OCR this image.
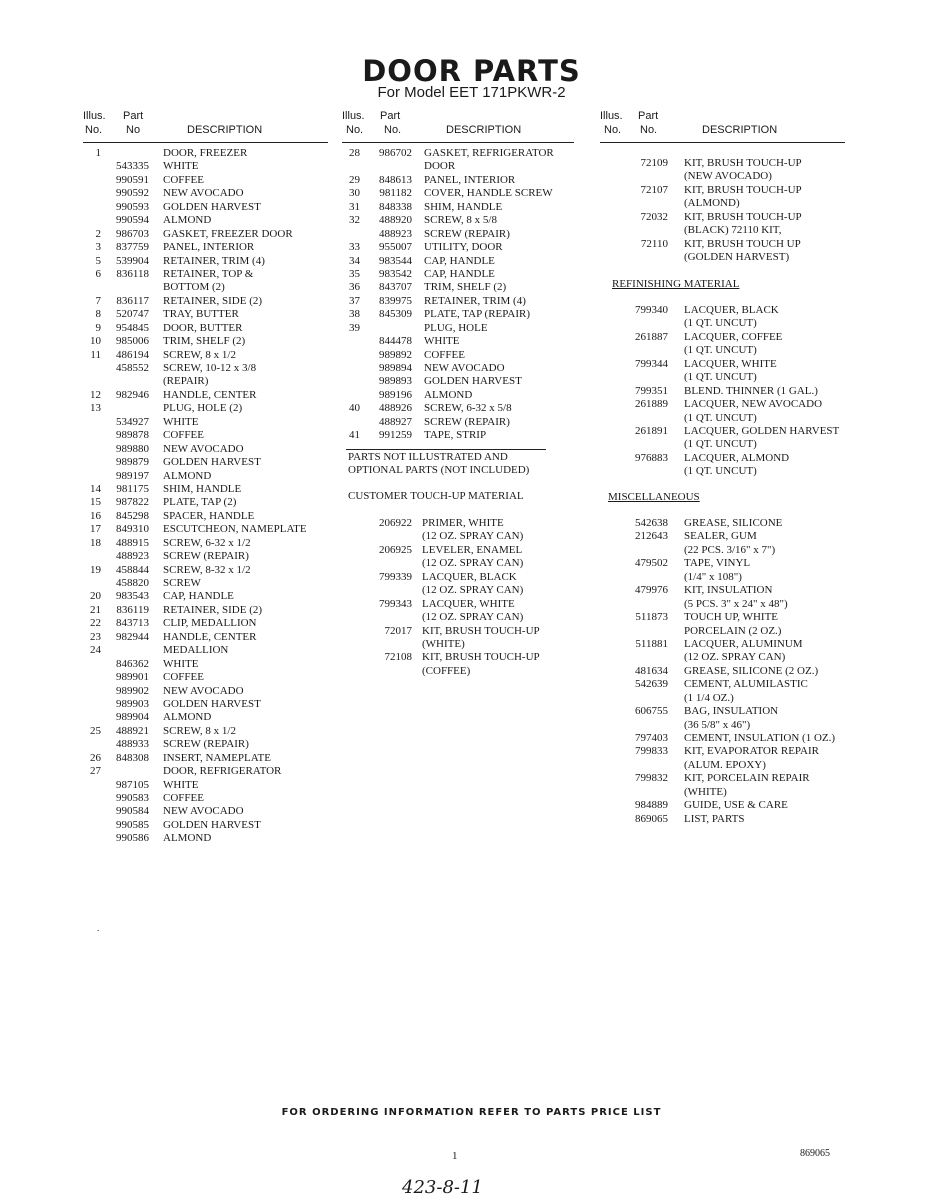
DOOR PARTS
For Model EET 171PKWR-2
Illus. Part
No. No	DESCRIPTION
1	DOOR, FREEZER
543335 WHITE
990591 COFFEE
990592 NEW AVOCADO
990593 GOLDEN HARVEST
990594 ALMOND
2	986703 GASKET, FREEZER DOOR
3	837759 PANEL, INTERIOR
5	539904 RETAINER, TRIM (4)
6	836118 RETAINER, TOP &
BOTTOM (2)
7	836117 RETAINER, SIDE (2)
8	520747 TRAY, BUTTER
9	954845 DOOR, BUTTER
10	985006 TRIM, SHELF (2)
11	486194 SCREW, 8 x 1/2
458552 SCREW, 10-12 x 3/8
(REPAIR)
12	982946 HANDLE, CENTER
13	PLUG, HOLE (2)
534927 WHITE
989878 COFFEE
989880 NEW AVOCADO
989879 GOLDEN HARVEST
989197 ALMOND
14	981175 SHIM, HANDLE
15	987822 PLATE, TAP (2)
16	845298 SPACER, HANDLE
17	849310 ESCUTCHEON, NAMEPLATE
18	488915 SCREW, 6-32 x 1/2
488923 SCREW (REPAIR)
19	458844 SCREW, 8-32 x 1/2
458820 SCREW
20	983543 CAP, HANDLE
21	836119 RETAINER, SIDE (2)
22	843713 CLIP, MEDALLION
23	982944 HANDLE, CENTER
24	MEDALLION
846362 WHITE
989901 COFFEE
989902 NEW AVOCADO
989903 GOLDEN HARVEST
989904 ALMOND
25	488921 SCREW, 8 x 1/2
488933 SCREW (REPAIR)
26	848308 INSERT, NAMEPLATE
27	DOOR, REFRIGERATOR
987105 WHITE
990583 COFFEE
990584 NEW AVOCADO
990585 GOLDEN HARVEST
990586 ALMOND
Illus. Part
No. No.	DESCRIPTION
28	986702 GASKET, REFRIGERATOR
DOOR
29	848613 PANEL, INTERIOR
30	981182 COVER, HANDLE SCREW
31	848338 SHIM, HANDLE
32	488920 SCREW, 8 x 5/8
488923 SCREW (REPAIR)
33	955007 UTILITY, DOOR
34	983544 CAP, HANDLE
35	983542 CAP, HANDLE
36	843707 TRIM, SHELF (2)
37	839975 RETAINER, TRIM (4)
38	845309 PLATE, TAP (REPAIR)
39	PLUG, HOLE
844478 WHITE
989892 COFFEE
989894 NEW AVOCADO
989893 GOLDEN HARVEST
989196 ALMOND
40	488926 SCREW, 6-32 x 5/8
488927 SCREW (REPAIR)
41	991259 TAPE, STRIP
PARTS NOT ILLUSTRATED AND
OPTIONAL PARTS (NOT INCLUDED)
CUSTOMER TOUCH-UP MATERIAL
206922 PRIMER, WHITE
(12 OZ. SPRAY CAN)
206925 LEVELER, ENAMEL
(12 OZ. SPRAY CAN)
799339 LACQUER, BLACK
(12 OZ. SPRAY CAN)
799343 LACQUER, WHITE
(12 OZ. SPRAY CAN)
72017 KIT, BRUSH TOUCH-UP
(WHITE)
72108 KIT, BRUSH TOUCH-UP
(COFFEE)
Illus. Part
No. No.	DESCRIPTION
72109 KIT, BRUSH TOUCH-UP
(NEW AVOCADO)
72107 KIT, BRUSH TOUCH-UP
(ALMOND)
72032 KIT, BRUSH TOUCH-UP
(BLACK) 72110 KIT,
72110 KIT, BRUSH TOUCH UP
(GOLDEN HARVEST)
REFINISHING MATERIAL
799340 LACQUER, BLACK
(1 QT. UNCUT)
261887 LACQUER, COFFEE
(1 QT. UNCUT)
799344 LACQUER, WHITE
(1 QT. UNCUT)
799351 BLEND. THINNER (1 GAL.)
261889 LACQUER, NEW AVOCADO
(1 QT. UNCUT)
261891 LACQUER, GOLDEN HARVEST
(1 QT. UNCUT)
976883 LACQUER, ALMOND
(1 QT. UNCUT)
MISCELLANEOUS
542638 GREASE, SILICONE
212643 SEALER, GUM
(22 PCS. 3/16" x 7")
479502 TAPE, VINYL
(1/4" x 108")
479976 KIT, INSULATION
(5 PCS. 3" x 24" x 48")
511873 TOUCH UP, WHITE
PORCELAIN (2 OZ.)
511881 LACQUER, ALUMINUM
(12 OZ. SPRAY CAN)
481634 GREASE, SILICONE (2 OZ.)
542639 CEMENT, ALUMILASTIC
(1 1/4 OZ.)
606755 BAG, INSULATION
(36 5/8" x 46")
797403 CEMENT, INSULATION (1 OZ.)
799833 KIT, EVAPORATOR REPAIR
(ALUM. EPOXY)
799832 KIT, PORCELAIN REPAIR
(WHITE)
984889 GUIDE, USE & CARE
869065 LIST, PARTS
.
FOR ORDERING INFORMATION REFER TO PARTS PRICE LIST
1	869065
423-8-11
